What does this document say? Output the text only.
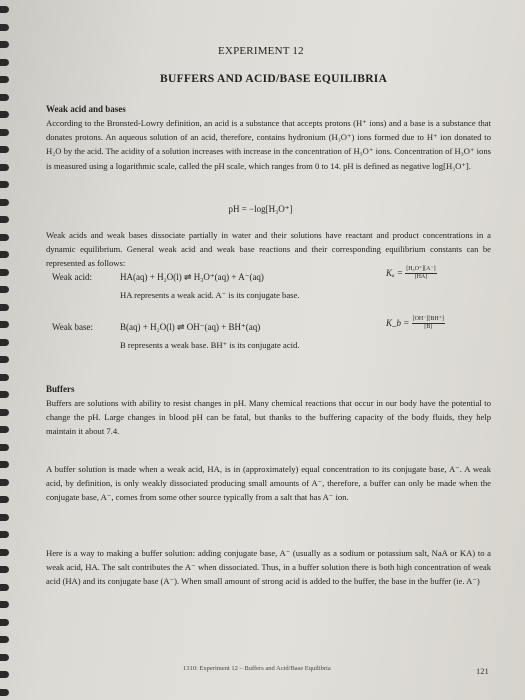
EXPERIMENT 12
BUFFERS AND ACID/BASE EQUILIBRIA
Weak acid and bases
According to the Bronsted-Lowry definition, an acid is a substance that accepts protons (H⁺ ions) and a base is a substance that donates protons. An aqueous solution of an acid, therefore, contains hydronium (H₃O⁺) ions formed due to H⁺ ion donated to H₂O by the acid. The acidity of a solution increases with increase in the concentration of H₃O⁺ ions. Concentration of H₃O⁺ ions is measured using a logarithmic scale, called the pH scale, which ranges from 0 to 14. pH is defined as negative log[H₃O⁺].
pH = −log[H₃O⁺]
Weak acids and weak bases dissociate partially in water and their solutions have reactant and product concentrations in a dynamic equilibrium. General weak acid and weak base reactions and their corresponding equilibrium constants can be represented as follows:
Weak acid:	HA(aq) + H₂O(l) ⇌ H₃O⁺(aq) + A⁻(aq)	$K_a = \frac{\text{[H₃O⁺][A⁻]}}{[HA]}$
HA represents a weak acid. A⁻ is its conjugate base.
Weak base:	B(aq) + H₂O(l) ⇌ OH⁻(aq) + BH⁺(aq)	K_b = $\frac{[OH^-][BH^+]}{[B]}$
B represents a weak base. BH⁺ is its conjugate acid.
Buffers
Buffers are solutions with ability to resist changes in pH. Many chemical reactions that occur in our body have the potential to change the pH. Large changes in blood pH can be fatal, but thanks to the buffering capacity of the body fluids, they help maintain it about 7.4.
A buffer solution is made when a weak acid, HA, is in (approximately) equal concentration to its conjugate base, A⁻. A weak acid, by definition, is only weakly dissociated producing small amounts of A⁻, therefore, a buffer can only be made when the conjugate base, A⁻, comes from some other source typically from a salt that has A⁻ ion.
Here is a way to making a buffer solution: adding conjugate base, A⁻ (usually as a sodium or potassium salt, NaA or KA) to a weak acid, HA. The salt contributes the A⁻ when dissociated. Thus, in a buffer solution there is both high concentration of weak acid (HA) and its conjugate base (A⁻). When small amount of strong acid is added to the buffer, the base in the buffer (ie. A⁻)
1310: Experiment 12 – Buffers and Acid/Base Equilibria	121
